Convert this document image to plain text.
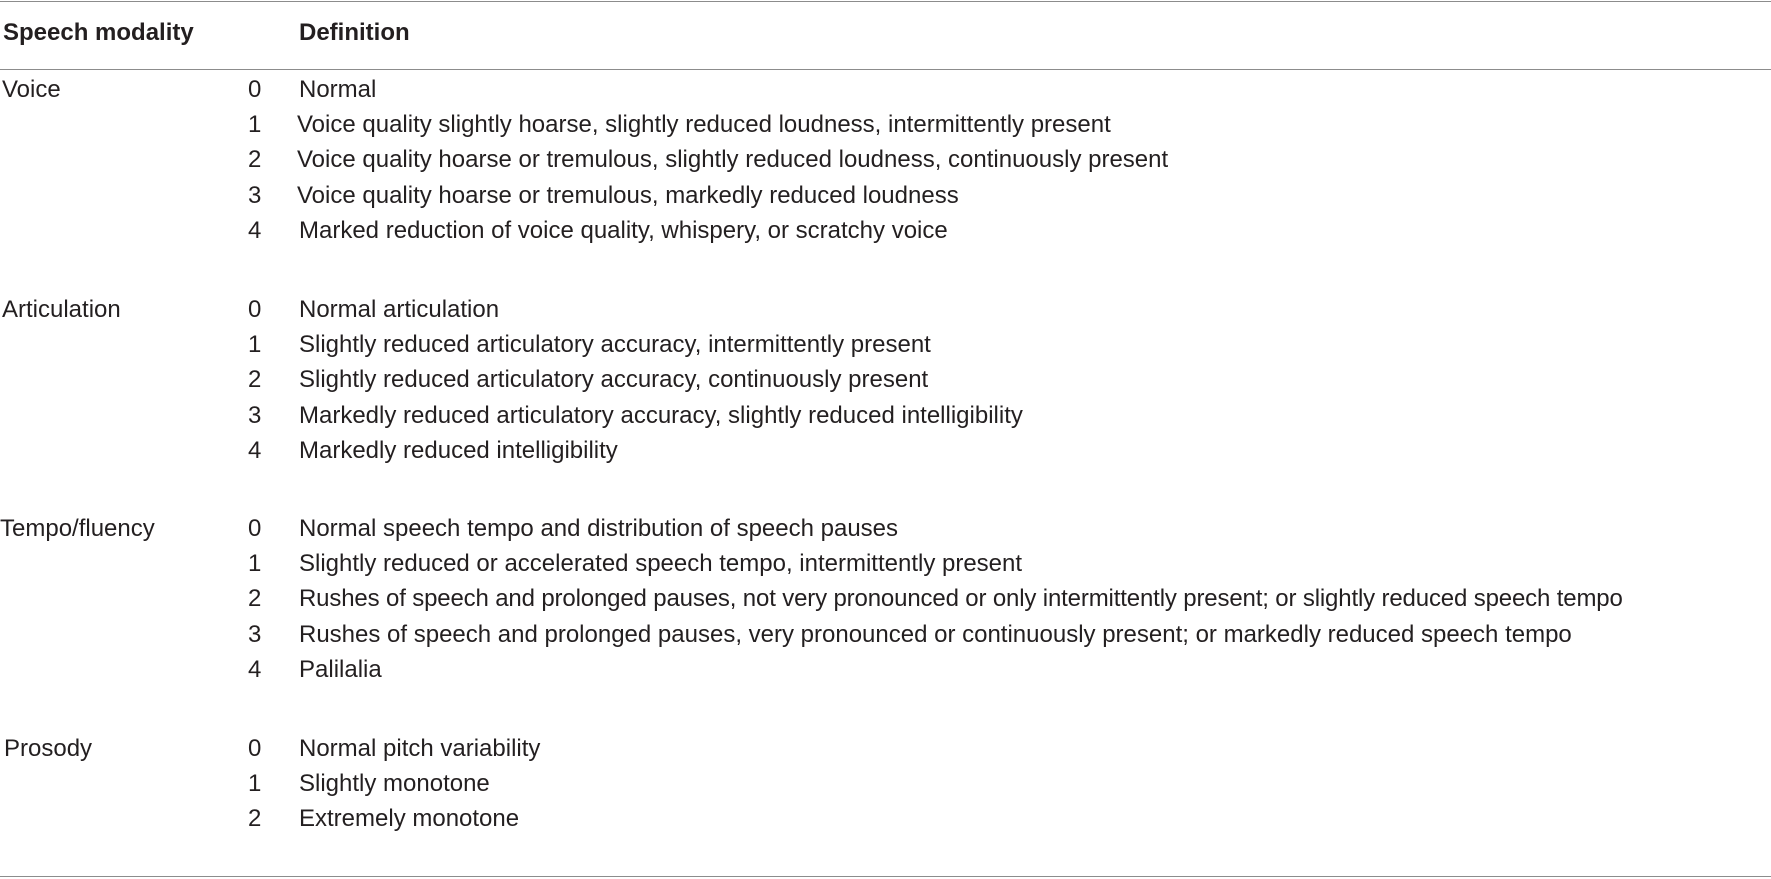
Speech modality	Definition
Voice	0 Normal
1 Voice quality slightly hoarse, slightly reduced loudness, intermittently present
2 Voice quality hoarse or tremulous, slightly reduced loudness, continuously present
3 Voice quality hoarse or tremulous, markedly reduced loudness
4 Marked reduction of voice quality, whispery, or scratchy voice
Articulation	0 Normal articulation
1 Slightly reduced articulatory accuracy, intermittently present
2 Slightly reduced articulatory accuracy, continuously present
3 Markedly reduced articulatory accuracy, slightly reduced intelligibility
4 Markedly reduced intelligibility
Tempo/fluency	0 Normal speech tempo and distribution of speech pauses
1 Slightly reduced or accelerated speech tempo, intermittently present
2 Rushes of speech and prolonged pauses, not very pronounced or only intermittently present; or slightly reduced speech tempo
3 Rushes of speech and prolonged pauses, very pronounced or continuously present; or markedly reduced speech tempo
4 Palilalia
Prosody	0 Normal pitch variability
1 Slightly monotone
2 Extremely monotone
